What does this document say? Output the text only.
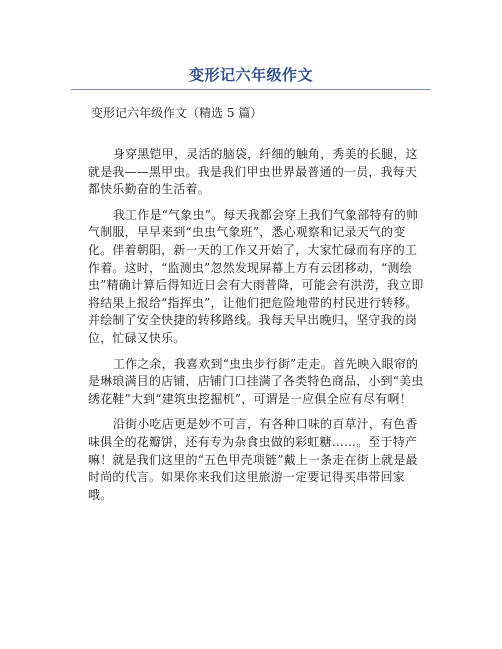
变形记六年级作文

变形记六年级作文（精选 5 篇）

身穿黑铠甲，灵活的脑袋，纤细的触角，秀美的长腿，这就是我——黑甲虫。我是我们甲虫世界最普通的一员，我每天都快乐勤奋的生活着。

我工作是“气象虫”。每天我都会穿上我们气象部特有的帅气制服，早早来到“虫虫气象班”，悉心观察和记录天气的变化。伴着朝阳，新一天的工作又开始了，大家忙碌而有序的工作着。这时，“监测虫”忽然发现屏幕上方有云团移动，“测绘虫”精确计算后得知近日会有大雨普降，可能会有洪涝，我立即将结果上报给“指挥虫”，让他们把危险地带的村民进行转移。并绘制了安全快捷的转移路线。我每天早出晚归，坚守我的岗位，忙碌又快乐。

工作之余，我喜欢到“虫虫步行街”走走。首先映入眼帘的是琳琅满目的店铺，店铺门口挂满了各类特色商品，小到“美虫绣花鞋”大到“建筑虫挖掘机”，可谓是一应俱全应有尽有啊！

沿街小吃店更是妙不可言，有各种口味的百草汁，有色香味俱全的花瓣饼，还有专为杂食虫做的彩虹糖……。至于特产嘛！就是我们这里的“五色甲壳项链”戴上一条走在街上就是最时尚的代言。如果你来我们这里旅游一定要记得买串带回家哦。
